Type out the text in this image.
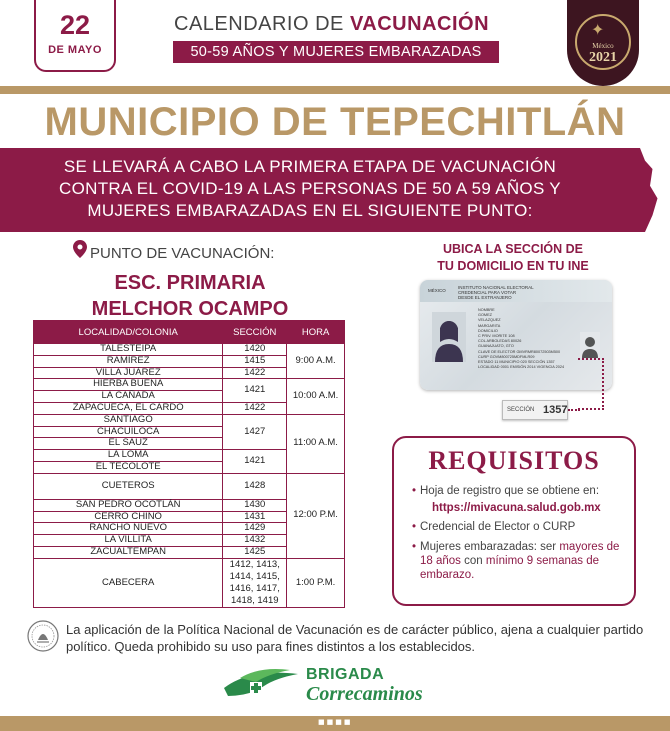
22
DE MAYO
CALENDARIO DE VACUNACIÓN
50-59 AÑOS Y MUJERES EMBARAZADAS
✦
México
2021
MUNICIPIO DE TEPECHITLÁN
SE LLEVARÁ A CABO LA PRIMERA ETAPA DE VACUNACIÓN
CONTRA EL COVID-19 A LAS PERSONAS DE 50 A 59 AÑOS Y
MUJERES EMBARAZADAS EN EL SIGUIENTE PUNTO:
PUNTO DE VACUNACIÓN:
ESC. PRIMARIA
MELCHOR OCAMPO
LOCALIDAD/COLONIA	SECCIÓN	HORA
TALESTEIPA	1420	9:00 A.M.
RAMÍREZ	1415	
VILLA JUÁREZ	1422	
HIERBA BUENA	1421	10:00 A.M.
LA CAÑADA		
ZAPACUECA, EL CARDO	1422	
SANTIAGO	1427	11:00 A.M.
CHACUILOCA		
EL SAUZ		
LA LOMA	1421	
EL TECOLOTE		
CUETEROS	1428	12:00 P.M.
SAN PEDRO OCOTLÁN	1430	
CERRO CHINO	1431	
RANCHO NUEVO	1429	
LA VILLITA	1432	
ZACUALTEMPAN	1425	
CABECERA	1412, 1413,
1414, 1415,
1416, 1417,
1418, 1419	1:00 P.M.
UBICA LA SECCIÓN DE
TU DOMICILIO EN TU INE
MÉXICO
INSTITUTO NACIONAL ELECTORAL
CREDENCIAL PARA VOTAR
DESDE EL EXTRANJERO
NOMBRE
GOMEZ
VELAZQUEZ
MARGARITA
DOMICILIO
C PRIV. MORITE 108
COL ARBOLEDAS 80026
GUANAJUATO, GTO
CLAVE DE ELECTOR GMVRMR80072503M500
CURP GOVM800725MDFMLR09
ESTADO 11 MUNICIPIO 020 SECCIÓN 1357
LOCALIDAD 0001 EMISIÓN 2014 VIGENCIA 2024
SECCIÓN 1357
REQUISITOS
• Hoja de registro que se obtiene en:
https://mivacuna.salud.gob.mx
• Credencial de Elector o CURP
• Mujeres embarazadas: ser mayores de 18 años con mínimo 9 semanas de embarazo.
La aplicación de la Política Nacional de Vacunación es de carácter público, ajena a cualquier partido político. Queda prohibido su uso para fines distintos a los establecidos.
BRIGADA
Correcaminos
■■■■
